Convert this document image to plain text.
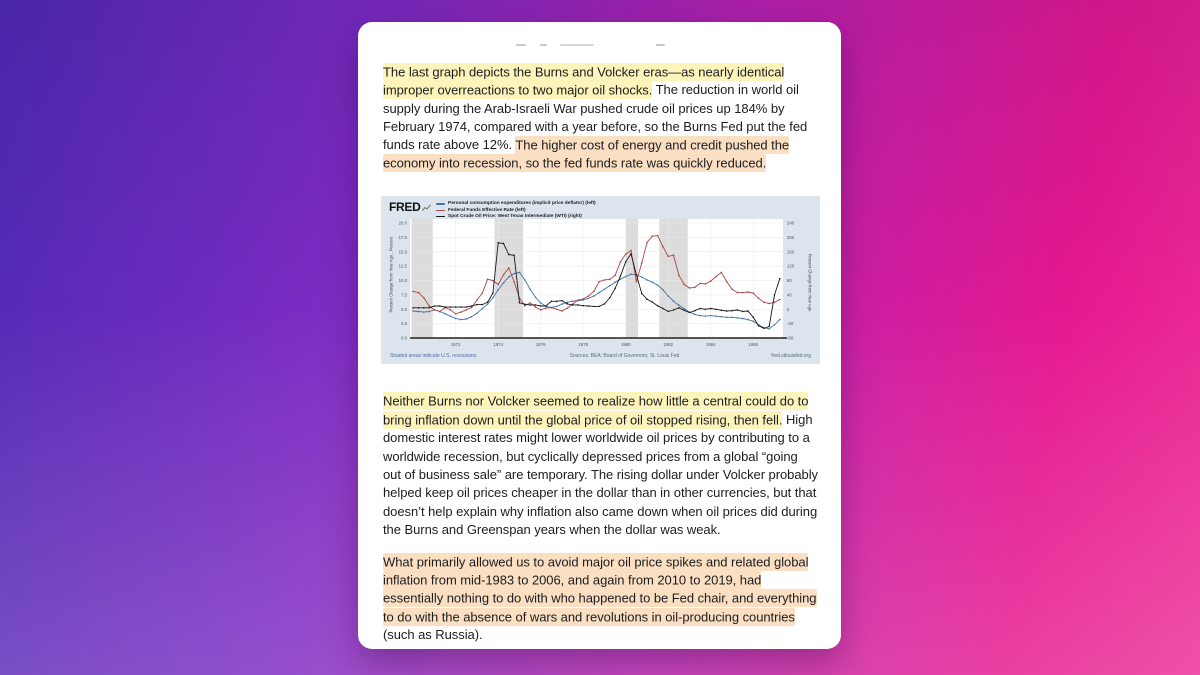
The last graph depicts the Burns and Volcker eras—as nearly identical improper overreactions to two major oil shocks. The reduction in world oil supply during the Arab-Israeli War pushed crude oil prices up 184% by February 1974, compared with a year before, so the Burns Fed put the fed funds rate above 12%. The higher cost of energy and credit pushed the economy into recession, so the fed funds rate was quickly reduced.

20.0
17.5
15.0
12.5
10.0
7.5
5.0
2.5
0.0
240
200
160
120
80
40
0
-40
-80
1972	1974	1976	1978	1980	1982	1984	1986
FRED	Personal consumption expenditures (implicit price deflator) (left)
Federal Funds Effective Rate (left)
Spot Crude Oil Price: West Texas Intermediate (WTI) (right)
Percent Change from Year Ago , Percent	Percent Change from Year Ago
Shaded areas indicate U.S. recessions.	Sources: BEA; Board of Governors; St. Louis Fed	fred.stlouisfed.org

Neither Burns nor Volcker seemed to realize how little a central could do to bring inflation down until the global price of oil stopped rising, then fell. High domestic interest rates might lower worldwide oil prices by contributing to a worldwide recession, but cyclically depressed prices from a global “going out of business sale” are temporary. The rising dollar under Volcker probably helped keep oil prices cheaper in the dollar than in other currencies, but that doesn’t help explain why inflation also came down when oil prices did during the Burns and Greenspan years when the dollar was weak.

What primarily allowed us to avoid major oil price spikes and related global inflation from mid-1983 to 2006, and again from 2010 to 2019, had essentially nothing to do with who happened to be Fed chair, and everything to do with the absence of wars and revolutions in oil-producing countries (such as Russia).
